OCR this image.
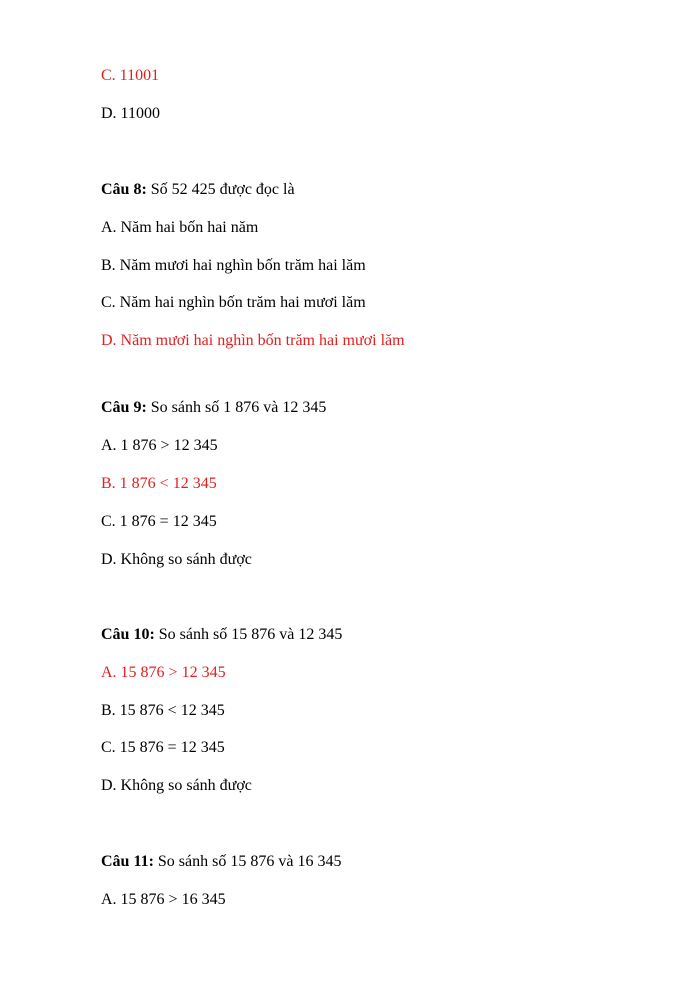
C. 11001
D. 11000
Câu 8: Số 52 425 được đọc là
A. Năm hai bốn hai năm
B. Năm mươi hai nghìn bốn trăm hai lăm
C. Năm hai nghìn bốn trăm hai mươi lăm
D. Năm mươi hai nghìn bốn trăm hai mươi lăm
Câu 9: So sánh số 1 876 và 12 345
A. 1 876 > 12 345
B. 1 876 < 12 345
C. 1 876 = 12 345
D. Không so sánh được
Câu 10: So sánh số 15 876 và 12 345
A. 15 876 > 12 345
B. 15 876 < 12 345
C. 15 876 = 12 345
D. Không so sánh được
Câu 11: So sánh số 15 876 và 16 345
A. 15 876 > 16 345
